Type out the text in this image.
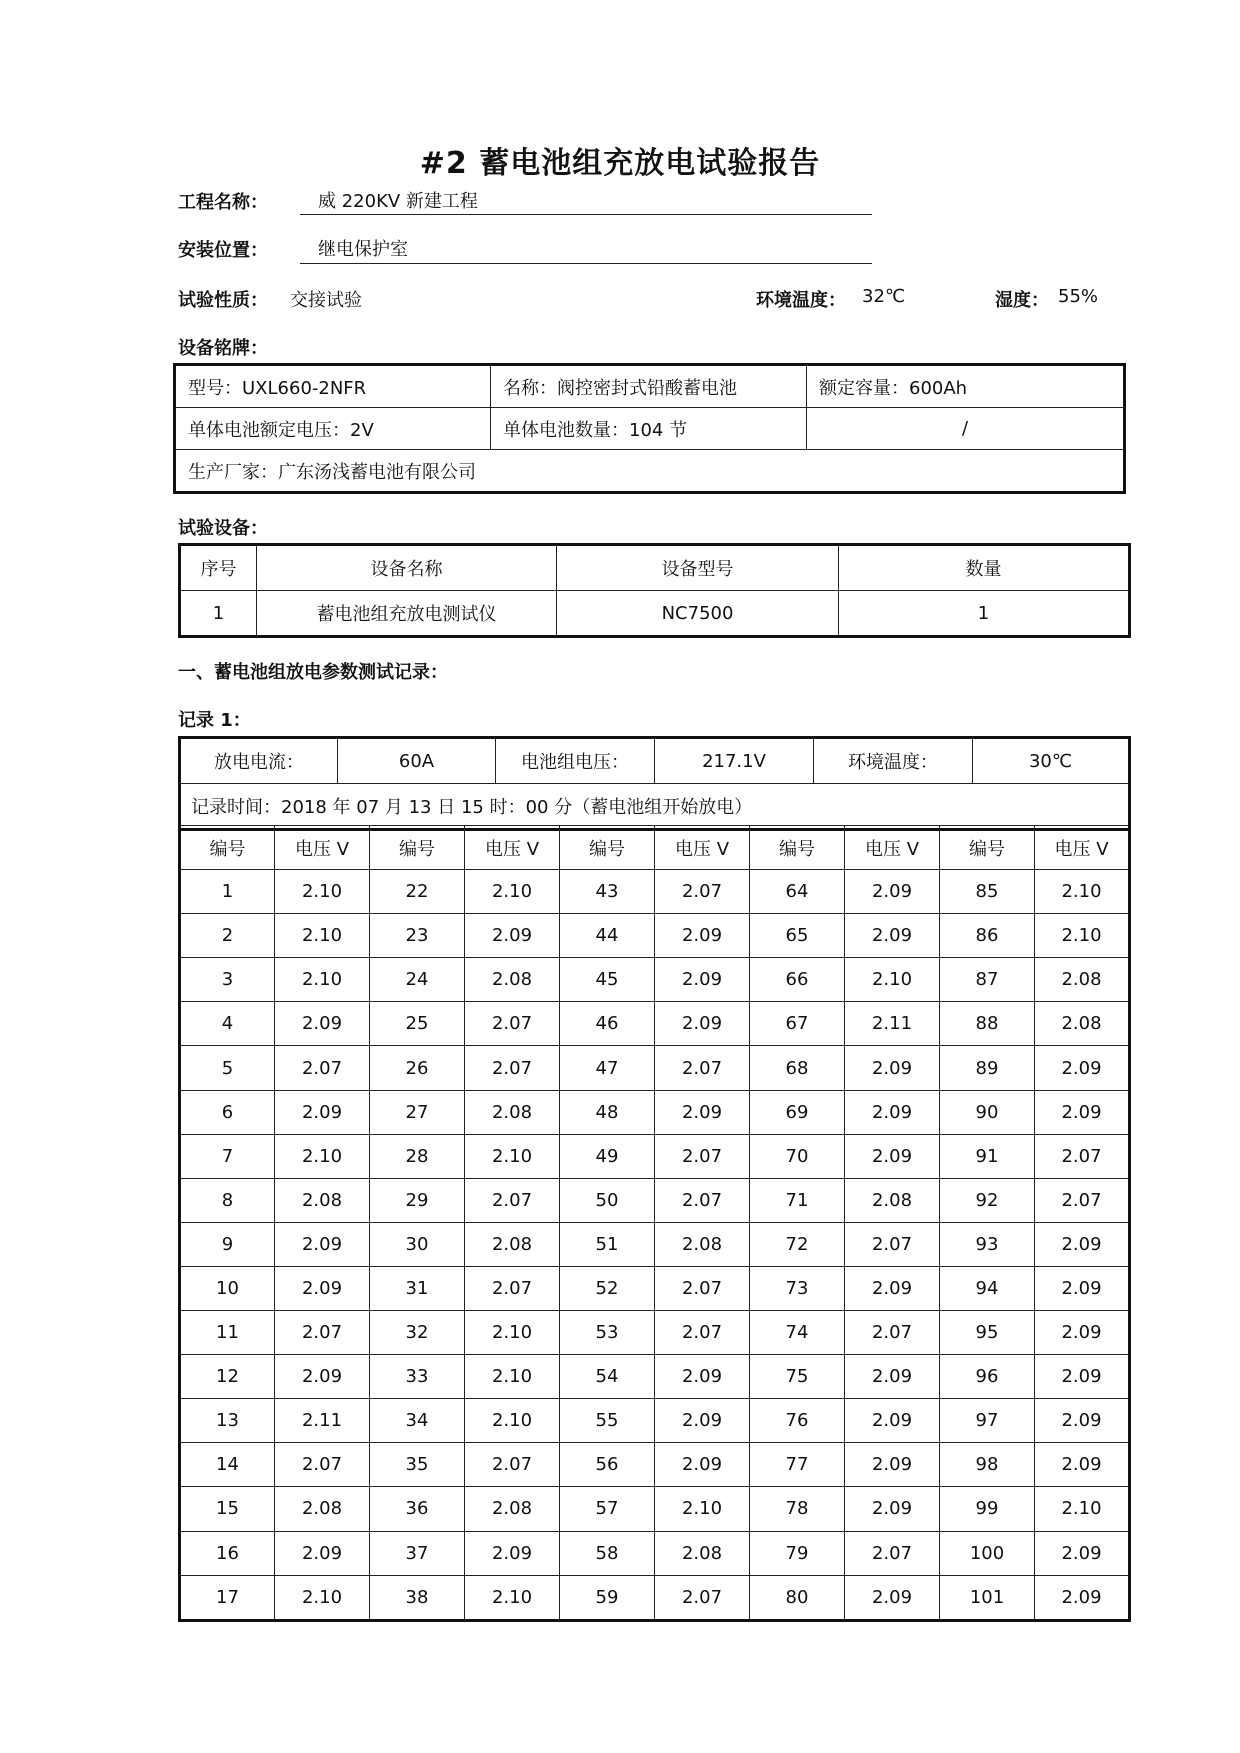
#2 蓄电池组充放电试验报告
工程名称：	威 220KV 新建工程
安装位置：	继电保护室
试验性质： 交接试验	环境温度： 32℃	湿度： 55%
设备铭牌：
型号：UXL660-2NFR	名称：阀控密封式铅酸蓄电池	额定容量：600Ah
单体电池额定电压：2V	单体电池数量：104 节	/
生产厂家：广东汤浅蓄电池有限公司		
试验设备：
序号	设备名称	设备型号	数量
1	蓄电池组充放电测试仪	NC7500	1
一、蓄电池组放电参数测试记录：
记录 1：
放电电流：	60A	电池组电压：	217.1V	环境温度：	30℃
记录时间：2018 年 07 月 13 日 15 时：00 分（蓄电池组开始放电）
编号	电压 V	编号	电压 V	编号	电压 V	编号	电压 V	编号	电压 V
1	2.10	22	2.10	43	2.07	64	2.09	85	2.10
2	2.10	23	2.09	44	2.09	65	2.09	86	2.10
3	2.10	24	2.08	45	2.09	66	2.10	87	2.08
4	2.09	25	2.07	46	2.09	67	2.11	88	2.08
5	2.07	26	2.07	47	2.07	68	2.09	89	2.09
6	2.09	27	2.08	48	2.09	69	2.09	90	2.09
7	2.10	28	2.10	49	2.07	70	2.09	91	2.07
8	2.08	29	2.07	50	2.07	71	2.08	92	2.07
9	2.09	30	2.08	51	2.08	72	2.07	93	2.09
10	2.09	31	2.07	52	2.07	73	2.09	94	2.09
11	2.07	32	2.10	53	2.07	74	2.07	95	2.09
12	2.09	33	2.10	54	2.09	75	2.09	96	2.09
13	2.11	34	2.10	55	2.09	76	2.09	97	2.09
14	2.07	35	2.07	56	2.09	77	2.09	98	2.09
15	2.08	36	2.08	57	2.10	78	2.09	99	2.10
16	2.09	37	2.09	58	2.08	79	2.07	100	2.09
17	2.10	38	2.10	59	2.07	80	2.09	101	2.09
